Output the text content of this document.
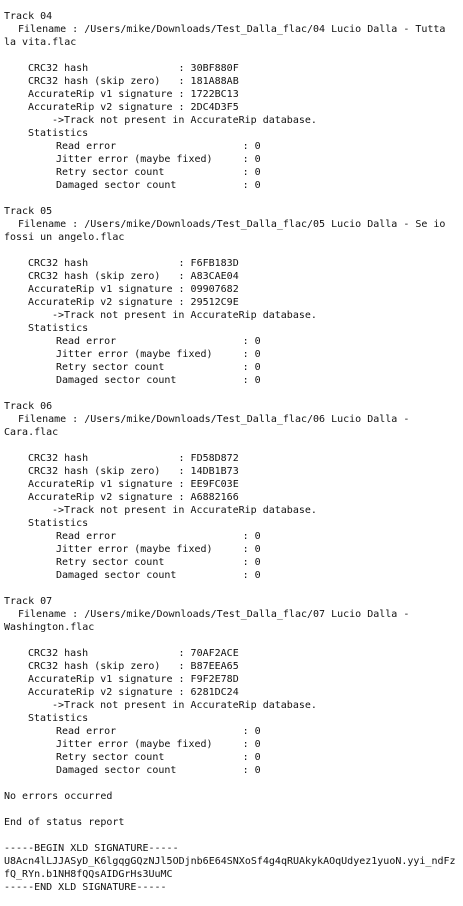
Track 04
Filename : /Users/mike/Downloads/Test_Dalla_flac/04 Lucio Dalla - Tutta
la vita.flac
CRC32 hash               : 30BF880F
CRC32 hash (skip zero)   : 181A88AB
AccurateRip v1 signature : 1722BC13
AccurateRip v2 signature : 2DC4D3F5
->Track not present in AccurateRip database.
Statistics
Read error                     : 0
Jitter error (maybe fixed)     : 0
Retry sector count             : 0
Damaged sector count           : 0
Track 05
Filename : /Users/mike/Downloads/Test_Dalla_flac/05 Lucio Dalla - Se io
fossi un angelo.flac
CRC32 hash               : F6FB183D
CRC32 hash (skip zero)   : A83CAE04
AccurateRip v1 signature : 09907682
AccurateRip v2 signature : 29512C9E
->Track not present in AccurateRip database.
Statistics
Read error                     : 0
Jitter error (maybe fixed)     : 0
Retry sector count             : 0
Damaged sector count           : 0
Track 06
Filename : /Users/mike/Downloads/Test_Dalla_flac/06 Lucio Dalla -
Cara.flac
CRC32 hash               : FD58D872
CRC32 hash (skip zero)   : 14DB1B73
AccurateRip v1 signature : EE9FC03E
AccurateRip v2 signature : A6882166
->Track not present in AccurateRip database.
Statistics
Read error                     : 0
Jitter error (maybe fixed)     : 0
Retry sector count             : 0
Damaged sector count           : 0
Track 07
Filename : /Users/mike/Downloads/Test_Dalla_flac/07 Lucio Dalla -
Washington.flac
CRC32 hash               : 70AF2ACE
CRC32 hash (skip zero)   : B87EEA65
AccurateRip v1 signature : F9F2E78D
AccurateRip v2 signature : 6281DC24
->Track not present in AccurateRip database.
Statistics
Read error                     : 0
Jitter error (maybe fixed)     : 0
Retry sector count             : 0
Damaged sector count           : 0
No errors occurred
End of status report
-----BEGIN XLD SIGNATURE-----
U8Acn4lLJJASyD_K6lgqgGQzNJl5ODjnb6E64SNXoSf4g4qRUAkykAOqUdyez1yuoN.yyi_ndFzfQ_RYn.b1NH8fQQsAIDGrHs3UuMC
-----END XLD SIGNATURE-----
